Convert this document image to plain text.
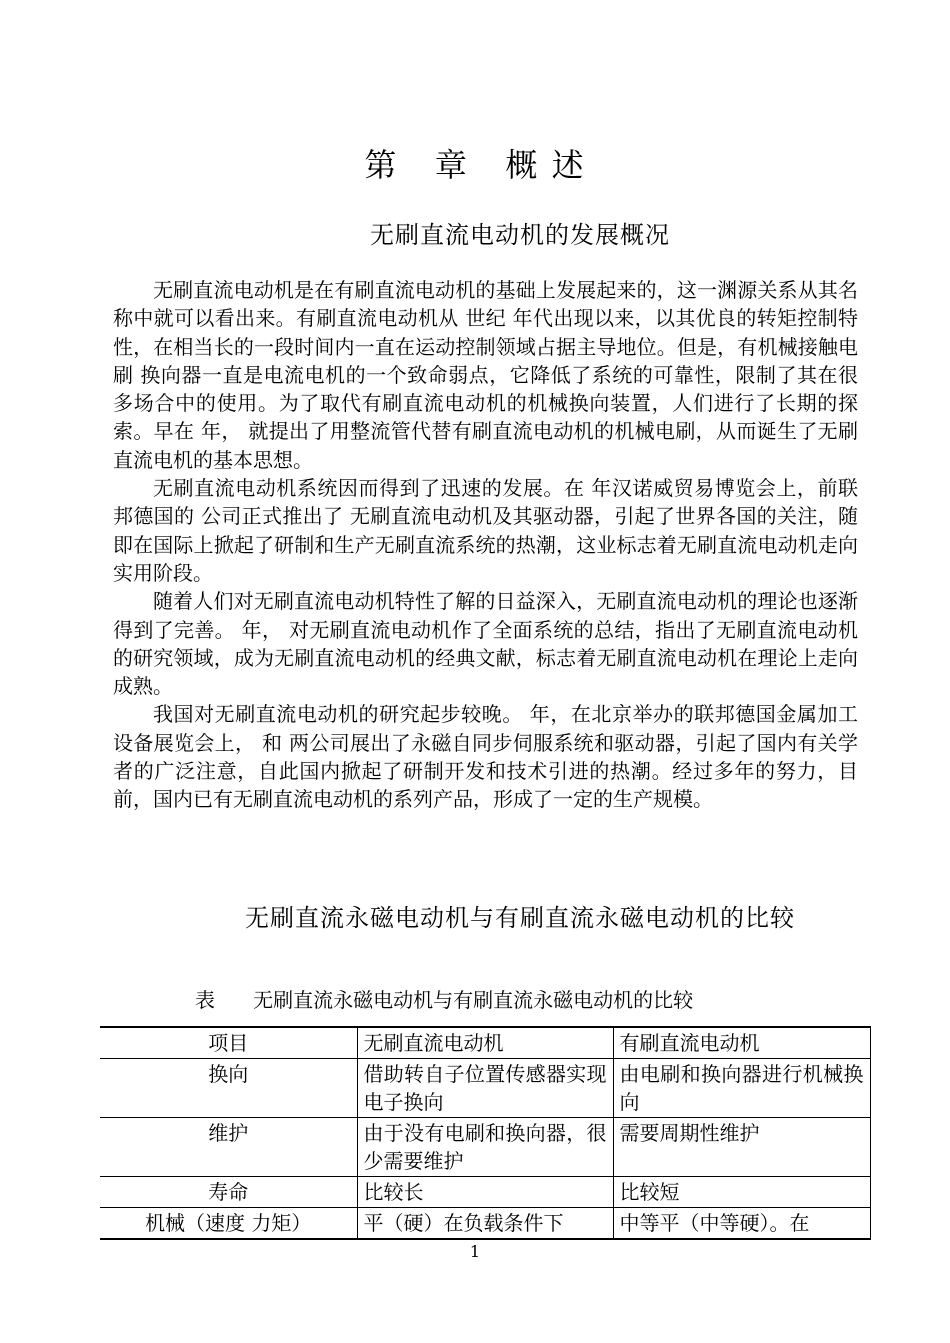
第   章   概 述
无刷直流电动机的发展概况

无刷直流电动机是在有刷直流电动机的基础上发展起来的，这一渊源关系从其名称中就可以看出来。有刷直流电动机从 世纪 年代出现以来，以其优良的转矩控制特性，在相当长的一段时间内一直在运动控制领域占据主导地位。但是，有机械接触电刷 换向器一直是电流电机的一个致命弱点，它降低了系统的可靠性，限制了其在很多场合中的使用。为了取代有刷直流电动机的机械换向装置，人们进行了长期的探索。早在 年， 就提出了用整流管代替有刷直流电动机的机械电刷，从而诞生了无刷直流电机的基本思想。

无刷直流电动机系统因而得到了迅速的发展。在 年汉诺威贸易博览会上，前联邦德国的 公司正式推出了 无刷直流电动机及其驱动器，引起了世界各国的关注，随即在国际上掀起了研制和生产无刷直流系统的热潮，这业标志着无刷直流电动机走向实用阶段。

随着人们对无刷直流电动机特性了解的日益深入，无刷直流电动机的理论也逐渐得到了完善。 年， 对无刷直流电动机作了全面系统的总结，指出了无刷直流电动机的研究领域，成为无刷直流电动机的经典文献，标志着无刷直流电动机在理论上走向成熟。

我国对无刷直流电动机的研究起步较晚。 年，在北京举办的联邦德国金属加工设备展览会上， 和 两公司展出了永磁自同步伺服系统和驱动器，引起了国内有关学者的广泛注意，自此国内掀起了研制开发和技术引进的热潮。经过多年的努力，目前，国内已有无刷直流电动机的系列产品，形成了一定的生产规模。

无刷直流永磁电动机与有刷直流永磁电动机的比较
表      无刷直流永磁电动机与有刷直流永磁电动机的比较
项目	无刷直流电动机	有刷直流电动机
换向	借助转自子位置传感器实现电子换向	由电刷和换向器进行机械换向
维护	由于没有电刷和换向器，很少需要维护	需要周期性维护
寿命	比较长	比较短
机械（速度 力矩）	平（硬）在负载条件下	中等平（中等硬）。在
1
